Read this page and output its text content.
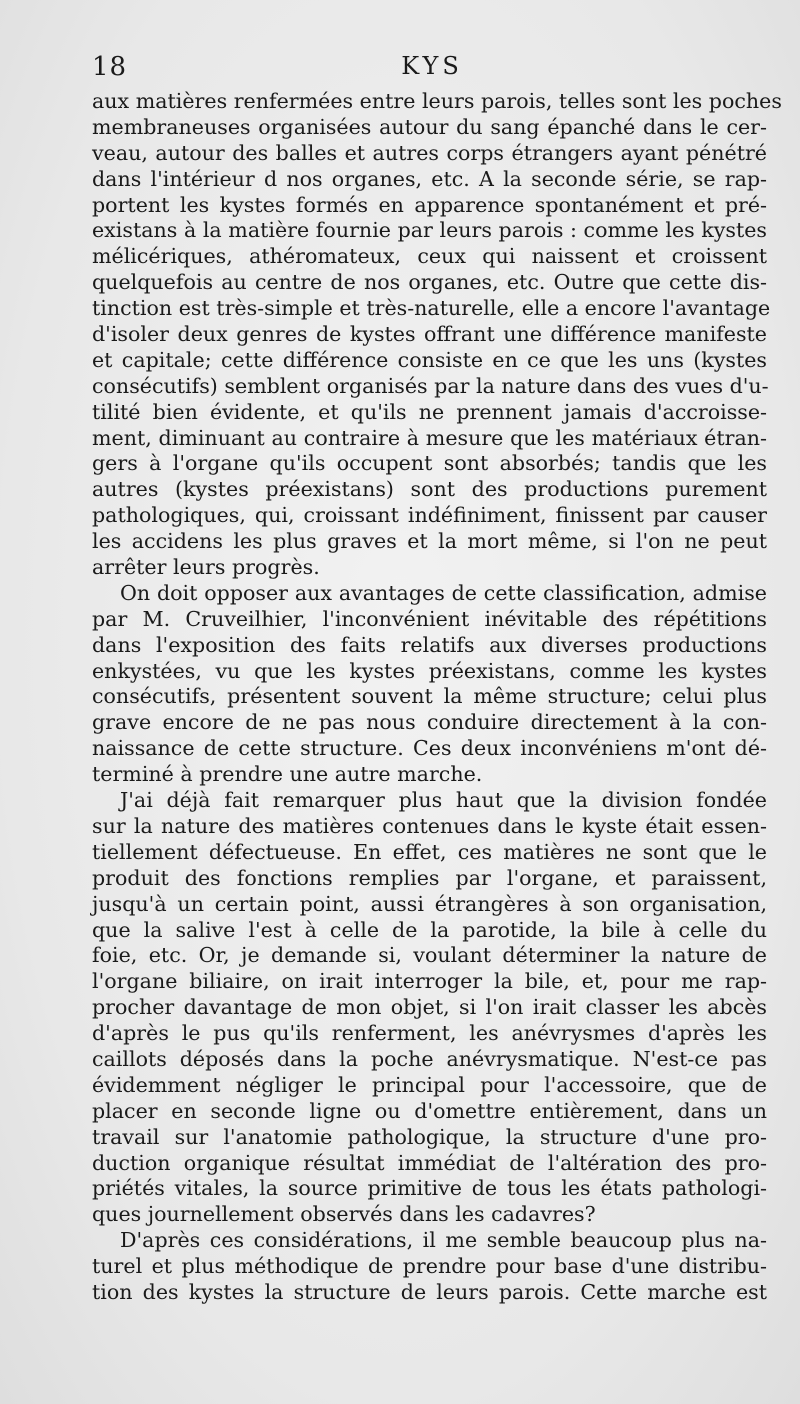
18	KYS
aux matières renfermées entre leurs parois, telles sont les poches
membraneuses organisées autour du sang épanché dans le cer-
veau, autour des balles et autres corps étrangers ayant pénétré
dans l'intérieur d nos organes, etc. A la seconde série, se rap-
portent les kystes formés en apparence spontanément et pré-
existans à la matière fournie par leurs parois : comme les kystes
mélicériques, athéromateux, ceux qui naissent et croissent
quelquefois au centre de nos organes, etc. Outre que cette dis-
tinction est très-simple et très-naturelle, elle a encore l'avantage
d'isoler deux genres de kystes offrant une différence manifeste
et capitale; cette différence consiste en ce que les uns (kystes
consécutifs) semblent organisés par la nature dans des vues d'u-
tilité bien évidente, et qu'ils ne prennent jamais d'accroisse-
ment, diminuant au contraire à mesure que les matériaux étran-
gers à l'organe qu'ils occupent sont absorbés; tandis que les
autres (kystes préexistans) sont des productions purement
pathologiques, qui, croissant indéfiniment, finissent par causer
les accidens les plus graves et la mort même, si l'on ne peut
arrêter leurs progrès.
On doit opposer aux avantages de cette classification, admise
par M. Cruveilhier, l'inconvénient inévitable des répétitions
dans l'exposition des faits relatifs aux diverses productions
enkystées, vu que les kystes préexistans, comme les kystes
consécutifs, présentent souvent la même structure; celui plus
grave encore de ne pas nous conduire directement à la con-
naissance de cette structure. Ces deux inconvéniens m'ont dé-
terminé à prendre une autre marche.
J'ai déjà fait remarquer plus haut que la division fondée
sur la nature des matières contenues dans le kyste était essen-
tiellement défectueuse. En effet, ces matières ne sont que le
produit des fonctions remplies par l'organe, et paraissent,
jusqu'à un certain point, aussi étrangères à son organisation,
que la salive l'est à celle de la parotide, la bile à celle du
foie, etc. Or, je demande si, voulant déterminer la nature de
l'organe biliaire, on irait interroger la bile, et, pour me rap-
procher davantage de mon objet, si l'on irait classer les abcès
d'après le pus qu'ils renferment, les anévrysmes d'après les
caillots déposés dans la poche anévrysmatique. N'est-ce pas
évidemment négliger le principal pour l'accessoire, que de
placer en seconde ligne ou d'omettre entièrement, dans un
travail sur l'anatomie pathologique, la structure d'une pro-
duction organique résultat immédiat de l'altération des pro-
priétés vitales, la source primitive de tous les états pathologi-
ques journellement observés dans les cadavres?
D'après ces considérations, il me semble beaucoup plus na-
turel et plus méthodique de prendre pour base d'une distribu-
tion des kystes la structure de leurs parois. Cette marche est
